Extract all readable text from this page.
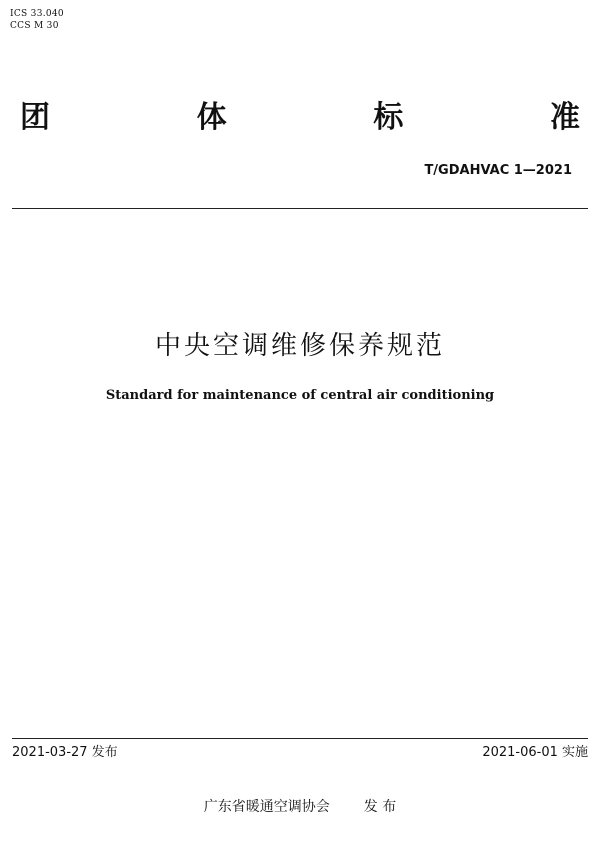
ICS 33.040
CCS M 30
团	体	标	准
T/GDAHVAC 1—2021
中央空调维修保养规范
Standard for maintenance of central air conditioning
2021-03-27 发布	2021-06-01 实施
广东省暖通空调协会 发 布
